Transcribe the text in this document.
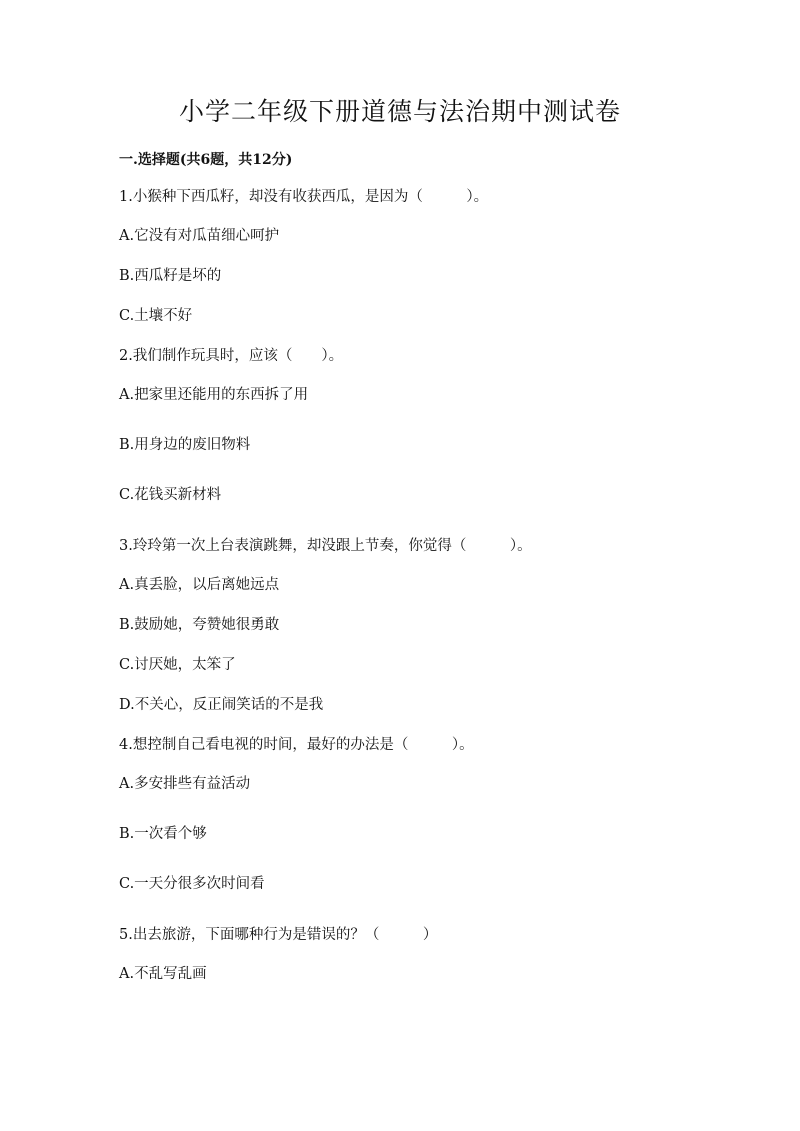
小学二年级下册道德与法治期中测试卷
一.选择题(共6题，共12分)
1.小猴种下西瓜籽，却没有收获西瓜，是因为（　　　）。
A.它没有对瓜苗细心呵护
B.西瓜籽是坏的
C.土壤不好
2.我们制作玩具时，应该（　　）。
A.把家里还能用的东西拆了用
B.用身边的废旧物料
C.花钱买新材料
3.玲玲第一次上台表演跳舞，却没跟上节奏，你觉得（　　　）。
A.真丢脸，以后离她远点
B.鼓励她，夸赞她很勇敢
C.讨厌她，太笨了
D.不关心，反正闹笑话的不是我
4.想控制自己看电视的时间，最好的办法是（　　　）。
A.多安排些有益活动
B.一次看个够
C.一天分很多次时间看
5.出去旅游，下面哪种行为是错误的？（　　　）
A.不乱写乱画
